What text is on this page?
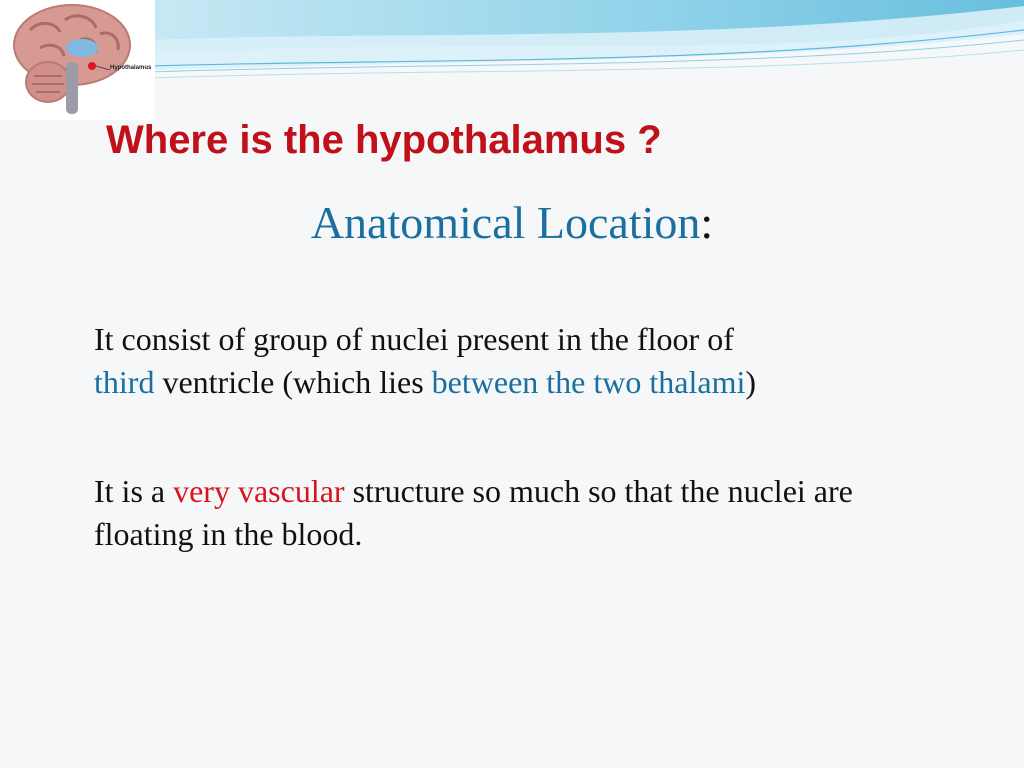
Hypothalamus
Where is the hypothalamus ?
Anatomical Location:
It consist of group of nuclei present in the floor of
third ventricle (which lies between the two thalami)
It is a very vascular structure so much so that the nuclei are floating in the blood.
